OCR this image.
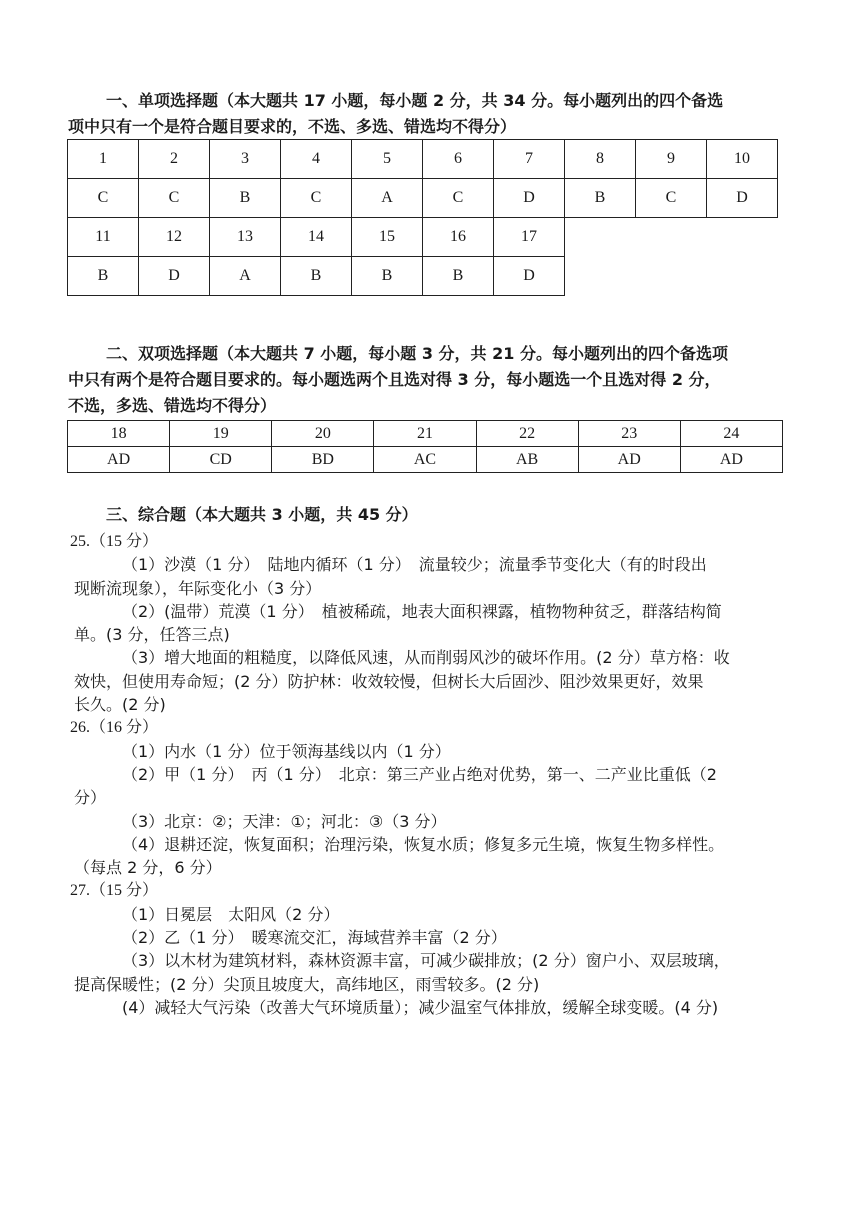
一、单项选择题（本大题共 17 小题，每小题 2 分，共 34 分。每小题列出的四个备选
项中只有一个是符合题目要求的，不选、多选、错选均不得分）
1	2	3	4	5	6	7	8	9	10
C	C	B	C	A	C	D	B	C	D
11	12	13	14	15	16	17			
B	D	A	B	B	B	D			
二、双项选择题（本大题共 7 小题，每小题 3 分，共 21 分。每小题列出的四个备选项
中只有两个是符合题目要求的。每小题选两个且选对得 3 分，每小题选一个且选对得 2 分，
不选，多选、错选均不得分）
18	19	20	21	22	23	24
AD	CD	BD	AC	AB	AD	AD
三、综合题（本大题共 3 小题，共 45 分）

25.（15 分）

（1）沙漠（1 分）　陆地内循环（1 分）　流量较少；流量季节变化大（有的时段出

现断流现象），年际变化小（3 分）

（2）(温带）荒漠（1 分）　植被稀疏，地表大面积裸露，植物物种贫乏，群落结构简

单。(3 分，任答三点)

（3）增大地面的粗糙度，以降低风速，从而削弱风沙的破坏作用。(2 分）草方格：收

效快，但使用寿命短；(2 分）防护林：收效较慢，但树长大后固沙、阻沙效果更好，效果

长久。(2 分)

26.（16 分）

（1）内水（1 分）位于领海基线以内（1 分）

（2）甲（1 分）　丙（1 分）　北京：第三产业占绝对优势，第一、二产业比重低（2

分）

（3）北京：②；天津：①；河北：③（3 分）

（4）退耕还淀，恢复面积；治理污染，恢复水质；修复多元生境，恢复生物多样性。

（每点 2 分，6 分）

27.（15 分）

（1）日冕层　太阳风（2 分）

（2）乙（1 分）　暖寒流交汇，海域营养丰富（2 分）

（3）以木材为建筑材料，森林资源丰富，可减少碳排放；(2 分）窗户小、双层玻璃，

提高保暖性；(2 分）尖顶且坡度大，高纬地区，雨雪较多。(2 分)

(4）减轻大气污染（改善大气环境质量）；减少温室气体排放，缓解全球变暖。(4 分)
